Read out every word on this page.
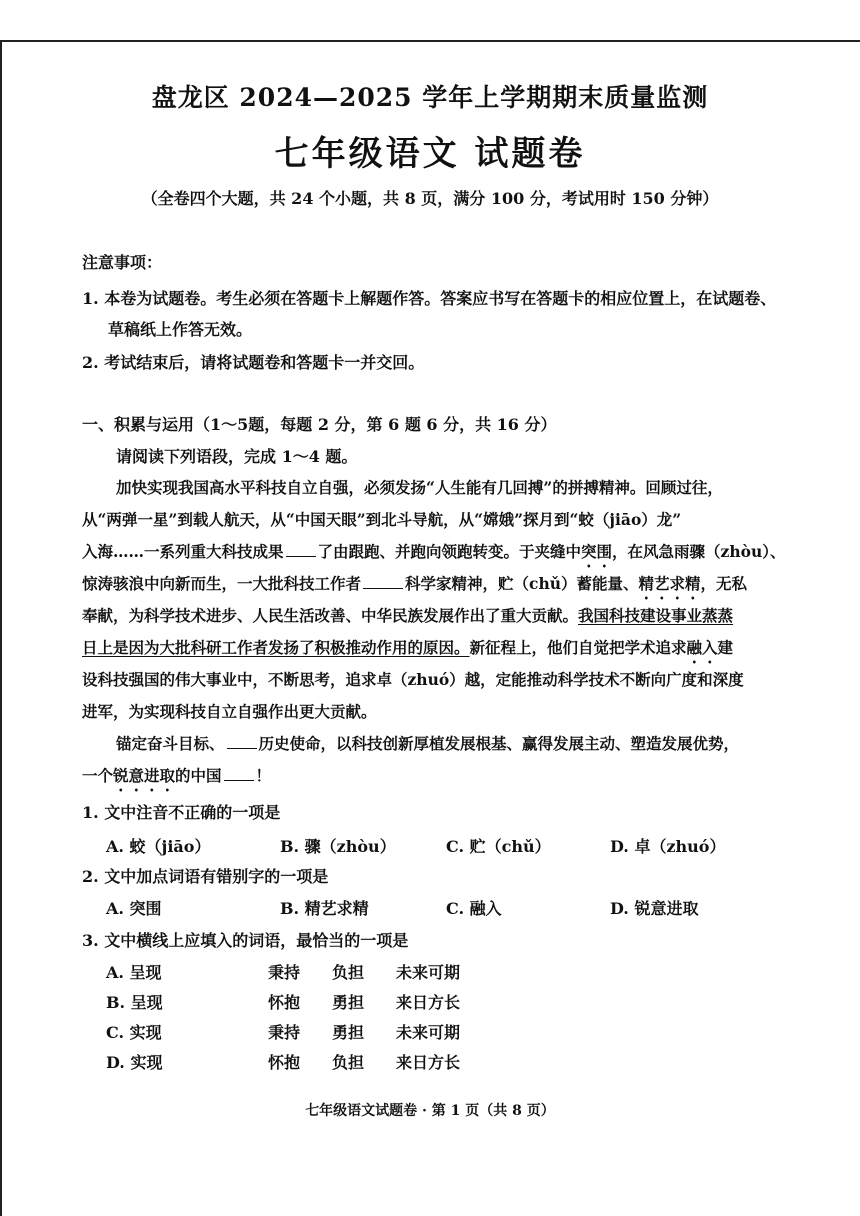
盘龙区 2024—2025 学年上学期期末质量监测
七年级语文 试题卷
（全卷四个大题，共 24 个小题，共 8 页，满分 100 分，考试用时 150 分钟）
注意事项：
1. 本卷为试题卷。考生必须在答题卡上解题作答。答案应书写在答题卡的相应位置上，在试题卷、
草稿纸上作答无效。
2. 考试结束后，请将试题卷和答题卡一并交回。
一、积累与运用（1～5题，每题 2 分，第 6 题 6 分，共 16 分）
请阅读下列语段，完成 1～4 题。
加快实现我国高水平科技自立自强，必须发扬“人生能有几回搏”的拼搏精神。回顾过往，
从“两弹一星”到载人航天，从“中国天眼”到北斗导航，从“嫦娥”探月到“蛟（jiāo）龙”
入海……一系列重大科技成果 了由跟跑、并跑向领跑转变。于夹缝中突围，在风急雨骤（zhòu）、
惊涛骇浪中向新而生，一大批科技工作者	科学家精神，贮（chǔ）蓄能量、精艺求精，无私
奉献，为科学技术进步、人民生活改善、中华民族发展作出了重大贡献。我国科技建设事业蒸蒸
日上是因为大批科研工作者发扬了积极推动作用的原因。新征程上，他们自觉把学术追求融入建
设科技强国的伟大事业中，不断思考，追求卓（zhuó）越，定能推动科学技术不断向广度和深度
进军，为实现科技自立自强作出更大贡献。
锚定奋斗目标、 历史使命，以科技创新厚植发展根基、赢得发展主动、塑造发展优势，
一个锐意进取的中国 ！
1. 文中注音不正确的一项是
A. 蛟（jiāo）	B. 骤（zhòu）	C. 贮（chǔ）	D. 卓（zhuó）
2. 文中加点词语有错别字的一项是
A. 突围	B. 精艺求精	C. 融入	D. 锐意进取
3. 文中横线上应填入的词语，最恰当的一项是
A. 呈现	秉持 负担 未来可期
B. 呈现	怀抱 勇担 来日方长
C. 实现	秉持 勇担 未来可期
D. 实现	怀抱 负担 来日方长
七年级语文试题卷 · 第 1 页（共 8 页）
